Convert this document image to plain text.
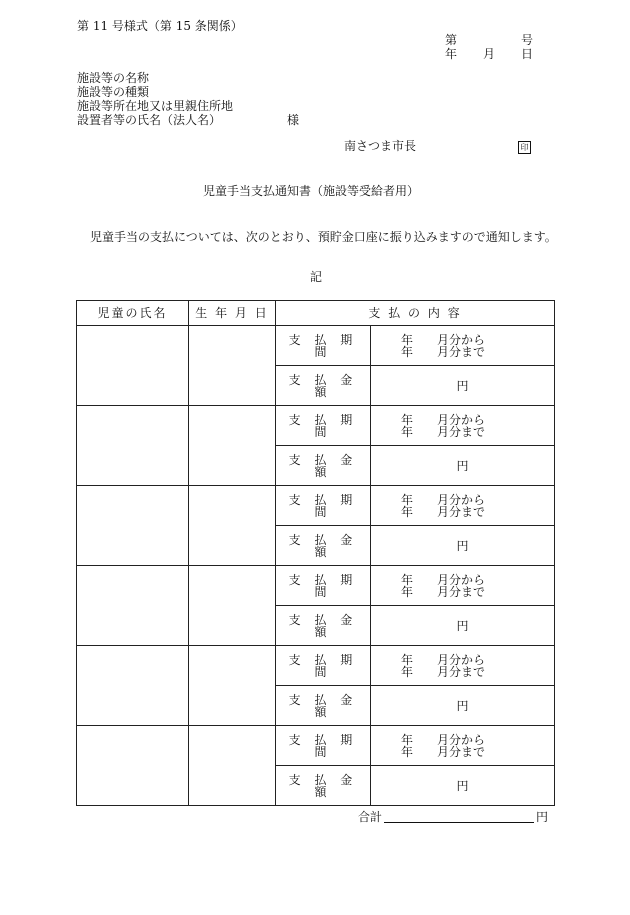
第 11 号様式（第 15 条関係）
第	号
年 月 日
施設等の名称
施設等の種類
施設等所在地又は里親住所地
設置者等の氏名（法人名）	様
南さつま市長	印
児童手当支払通知書（施設等受給者用）
児童手当の支払については、次のとおり、預貯金口座に振り込みますので通知します。
記
児童の氏名	生 年 月 日	支 払 の 内 容	
		支 払 期 間	年 月分から
年 月分まで

		支 払 金 額	円
		支 払 期 間	年 月分から
年 月分まで

		支 払 金 額	円
		支 払 期 間	年 月分から
年 月分まで

		支 払 金 額	円
		支 払 期 間	年 月分から
年 月分まで

		支 払 金 額	円
		支 払 期 間	年 月分から
年 月分まで

		支 払 金 額	円
		支 払 期 間	年 月分から
年 月分まで

		支 払 金 額	円
合計	円
